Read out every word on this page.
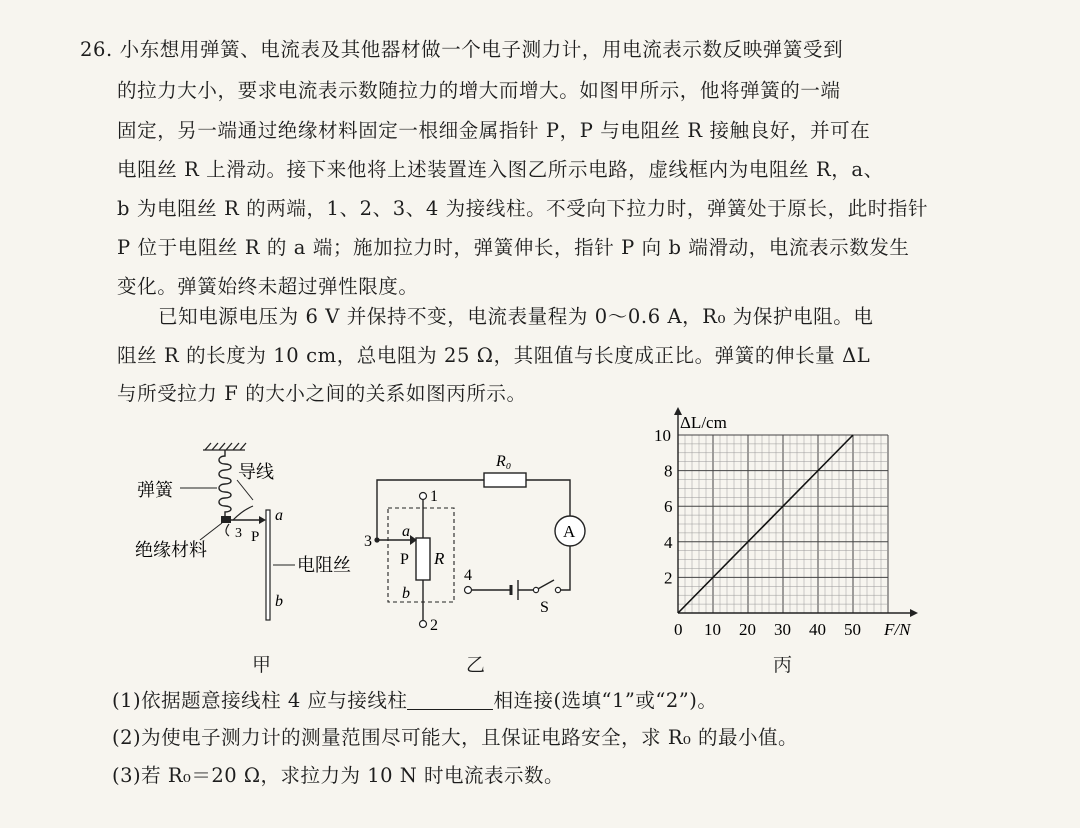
26. 小东想用弹簧、电流表及其他器材做一个电子测力计，用电流表示数反映弹簧受到
的拉力大小，要求电流表示数随拉力的增大而增大。如图甲所示，他将弹簧的一端
固定，另一端通过绝缘材料固定一根细金属指针 P，P 与电阻丝 R 接触良好，并可在
电阻丝 R 上滑动。接下来他将上述装置连入图乙所示电路，虚线框内为电阻丝 R，a、
b 为电阻丝 R 的两端，1、2、3、4 为接线柱。不受向下拉力时，弹簧处于原长，此时指针
P 位于电阻丝 R 的 a 端；施加拉力时，弹簧伸长，指针 P 向 b 端滑动，电流表示数发生
变化。弹簧始终未超过弹性限度。
已知电源电压为 6 V 并保持不变，电流表量程为 0～0.6 A，R₀ 为保护电阻。电
阻丝 R 的长度为 10 cm，总电阻为 25 Ω，其阻值与长度成正比。弹簧的伸长量 ΔL
与所受拉力 F 的大小之间的关系如图丙所示。
弹簧
导线
绝缘材料
电阻丝
3 P
a
b
甲
R₀
A
S
R
P
a
b
1
2
3
4
乙
0 10 20 30 40 50
2
4
6
8
10
ΔL/cm
F/N
丙
(1)依据题意接线柱 4 应与接线柱	相连接(选填“1”或“2”)。
(2)为使电子测力计的测量范围尽可能大，且保证电路安全，求 R₀ 的最小值。
(3)若 R₀＝20 Ω，求拉力为 10 N 时电流表示数。
